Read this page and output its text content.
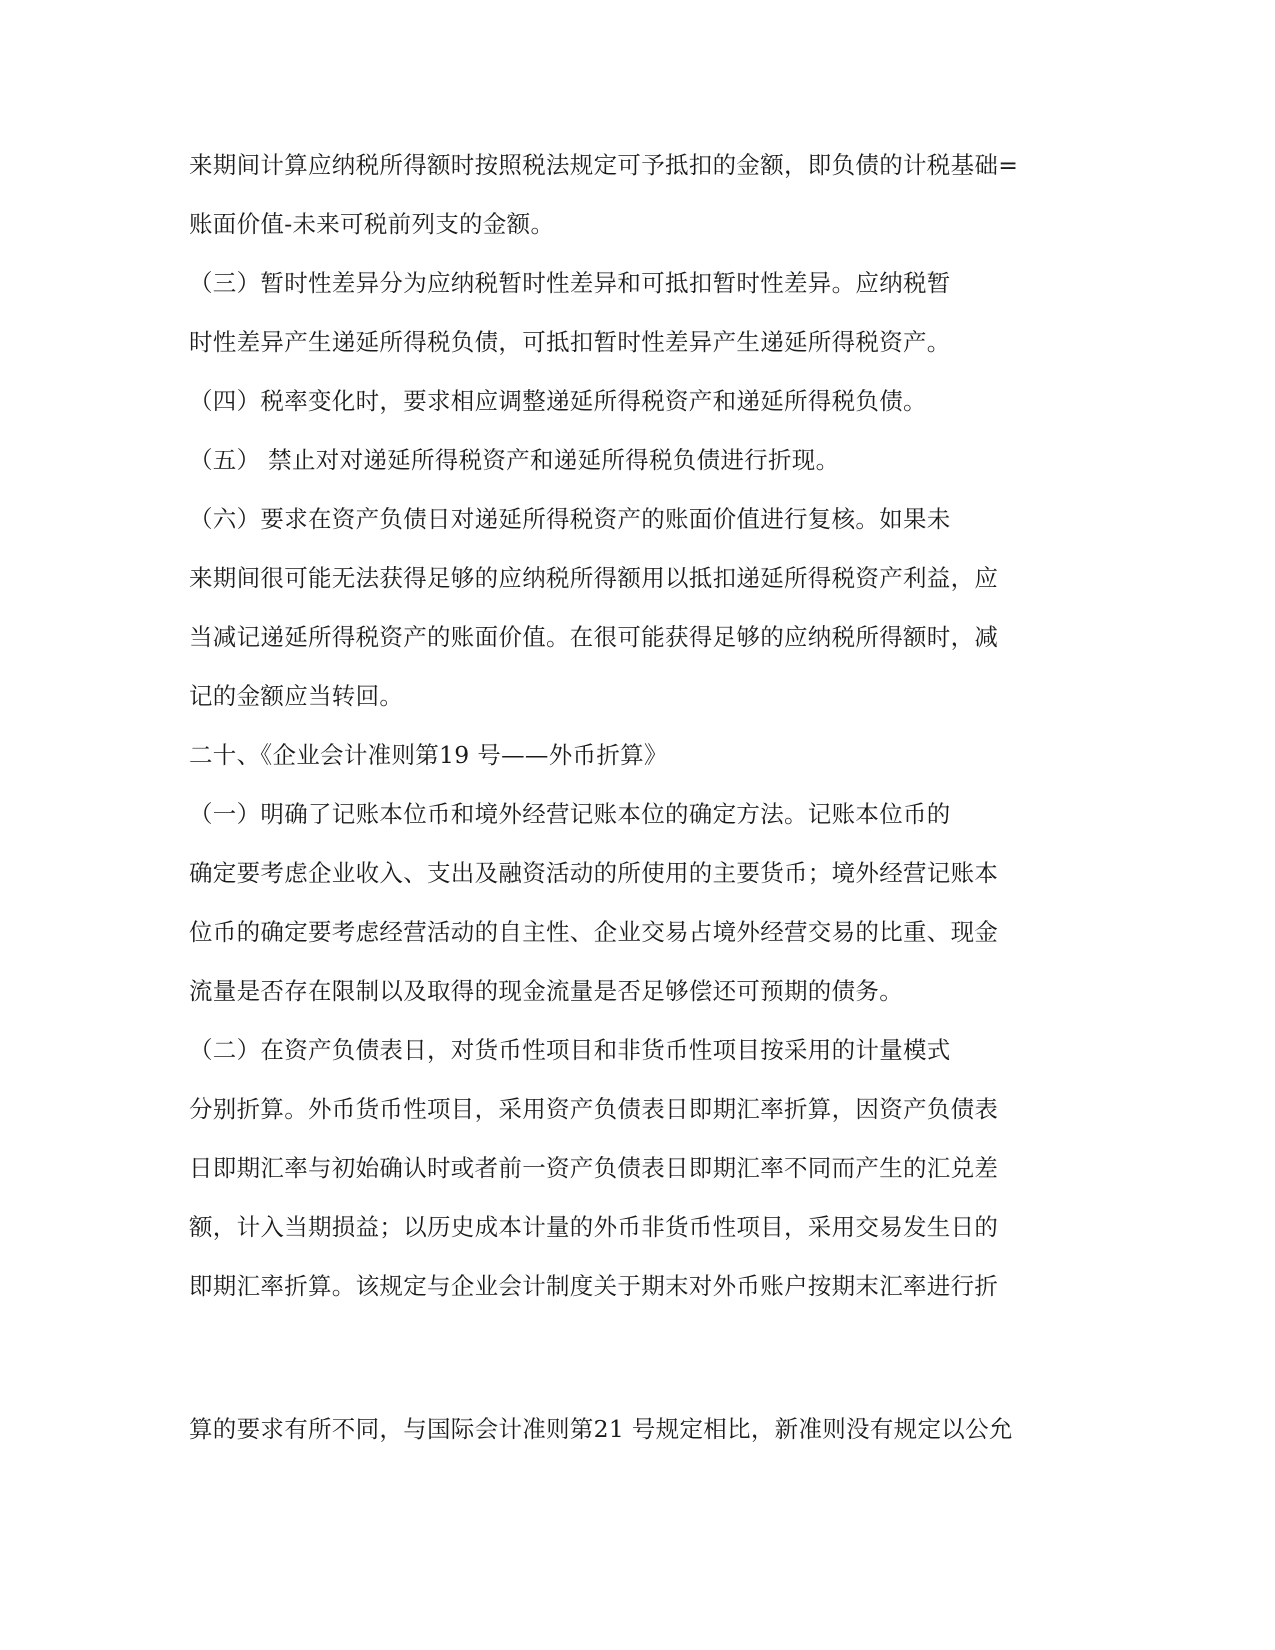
来期间计算应纳税所得额时按照税法规定可予抵扣的金额，即负债的计税基础=

账面价值-未来可税前列支的金额。

（三）暂时性差异分为应纳税暂时性差异和可抵扣暂时性差异。应纳税暂

时性差异产生递延所得税负债，可抵扣暂时性差异产生递延所得税资产。

（四）税率变化时，要求相应调整递延所得税资产和递延所得税负债。

（五） 禁止对对递延所得税资产和递延所得税负债进行折现。

（六）要求在资产负债日对递延所得税资产的账面价值进行复核。如果未

来期间很可能无法获得足够的应纳税所得额用以抵扣递延所得税资产利益，应

当减记递延所得税资产的账面价值。在很可能获得足够的应纳税所得额时，减

记的金额应当转回。

二十、《企业会计准则第19 号——外币折算》

（一）明确了记账本位币和境外经营记账本位的确定方法。记账本位币的

确定要考虑企业收入、支出及融资活动的所使用的主要货币；境外经营记账本

位币的确定要考虑经营活动的自主性、企业交易占境外经营交易的比重、现金

流量是否存在限制以及取得的现金流量是否足够偿还可预期的债务。

（二）在资产负债表日，对货币性项目和非货币性项目按采用的计量模式

分别折算。外币货币性项目，采用资产负债表日即期汇率折算，因资产负债表

日即期汇率与初始确认时或者前一资产负债表日即期汇率不同而产生的汇兑差

额，计入当期损益；以历史成本计量的外币非货币性项目，采用交易发生日的

即期汇率折算。该规定与企业会计制度关于期末对外币账户按期末汇率进行折

算的要求有所不同，与国际会计准则第21 号规定相比，新准则没有规定以公允
